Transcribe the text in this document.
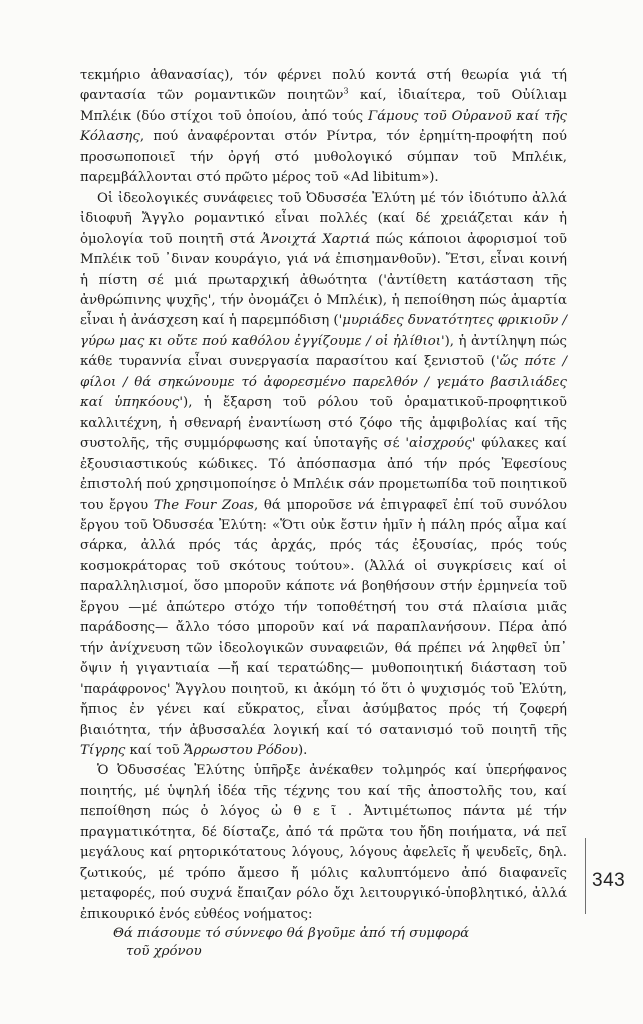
τεκμήριο ἀθανασίας), τόν φέρνει πολύ κοντά στή θεωρία γιά τή φαντασία τῶν ρομαντικῶν ποιητῶν$^3$ καί, ἰδιαίτερα, τοῦ Οὐίλιαμ Μπλέικ (δύο στίχοι τοῦ ὁποίου, ἀπό τούς Γάμους τοῦ Οὐρανοῦ καί τῆς Κόλασης, πού ἀναφέρονται στόν Ρίντρα, τόν ἐρημίτη-προφήτη πού προσωποποιεῖ τήν ὀργή στό μυθολογικό σύμπαν τοῦ Μπλέικ, παρεμβάλλονται στό πρῶτο μέρος τοῦ «Ad libitum»).

Οἱ ἰδεολογικές συνάφειες τοῦ Ὀδυσσέα Ἐλύτη μέ τόν ἰδιότυπο ἀλλά ἰδιοφυῆ Ἄγγλο ρομαντικό εἶναι πολλές (καί δέ χρειάζεται κάν ἡ ὁμολογία τοῦ ποιητῆ στά Ἀνοιχτά Χαρτιά πώς κάποιοι ἀφορισμοί τοῦ Μπλέικ τοῦ ᾽διναν κουράγιο, γιά νά ἐπισημανθοῦν). Ἔτσι, εἶναι κοινή ἡ πίστη σέ μιά πρωταρχική ἀθωότητα ('ἀντίθετη κατάσταση τῆς ἀνθρώπινης ψυχῆς', τήν ὀνομάζει ὁ Μπλέικ), ἡ πεποίθηση πώς ἁμαρτία εἶναι ἡ ἀνάσχεση καί ἡ παρεμπόδιση ('μυριάδες δυνατότητες φρικιοῦν / γύρω μας κι οὔτε πού καθόλου ἐγγίζουμε / οἱ ἠλίθιοι'), ἡ ἀντίληψη πώς κάθε τυραννία εἶναι συνεργασία παρασίτου καί ξενιστοῦ ('ὥς πότε / φίλοι / θά σηκώνουμε τό ἀφορεσμένο παρελθόν / γεμάτο βασιλιάδες καί ὑπηκόους'), ἡ ἔξαρση τοῦ ρόλου τοῦ ὁραματικοῦ-προφητικοῦ καλλιτέχνη, ἡ σθεναρή ἐναντίωση στό ζόφο τῆς ἀμφιβολίας καί τῆς συστολῆς, τῆς συμμόρφωσης καί ὑποταγῆς σέ 'αἰσχρούς' φύλακες καί ἐξουσιαστικούς κώδικες. Τό ἀπόσπασμα ἀπό τήν πρός Ἐφεσίους ἐπιστολή πού χρησιμοποίησε ὁ Μπλέικ σάν προμετωπίδα τοῦ ποιητικοῦ του ἔργου The Four Zoas, θά μποροῦσε νά ἐπιγραφεῖ ἐπί τοῦ συνόλου ἔργου τοῦ Ὀδυσσέα Ἐλύτη: «Ὅτι οὐκ ἔστιν ἡμῖν ἡ πάλη πρός αἷμα καί σάρκα, ἀλλά πρός τάς ἀρχάς, πρός τάς ἐξουσίας, πρός τούς κοσμοκράτορας τοῦ σκότους τούτου». (Ἀλλά οἱ συγκρίσεις καί οἱ παραλληλισμοί, ὅσο μποροῦν κάποτε νά βοηθήσουν στήν ἑρμηνεία τοῦ ἔργου —μέ ἀπώτερο στόχο τήν τοποθέτησή του στά πλαίσια μιᾶς παράδοσης— ἄλλο τόσο μποροῦν καί νά παραπλανήσουν. Πέρα ἀπό τήν ἀνίχνευση τῶν ἰδεολογικῶν συναφειῶν, θά πρέπει νά ληφθεῖ ὑπ᾽ ὄψιν ἡ γιγαντιαία —ἤ καί τερατώδης— μυθοποιητική διάσταση τοῦ 'παράφρονος' Ἄγγλου ποιητοῦ, κι ἀκόμη τό ὅτι ὁ ψυχισμός τοῦ Ἐλύτη, ἤπιος ἐν γένει καί εὔκρατος, εἶναι ἀσύμβατος πρός τή ζοφερή βιαιότητα, τήν ἀβυσσαλέα λογική καί τό σατανισμό τοῦ ποιητῆ τῆς Τίγρης καί τοῦ Ἄρρωστου Ρόδου).

Ὁ Ὀδυσσέας Ἐλύτης ὑπῆρξε ἀνέκαθεν τολμηρός καί ὑπερήφανος ποιητής, μέ ὑψηλή ἰδέα τῆς τέχνης του καί τῆς ἀποστολῆς του, καί πεποίθηση πώς ὁ λόγος ὠ θ ε ῖ . Ἀντιμέτωπος πάντα μέ τήν πραγματικότητα, δέ δίσταζε, ἀπό τά πρῶτα του ἤδη ποιήματα, νά πεῖ μεγάλους καί ρητορικότατους λόγους, λόγους ἀφελεῖς ἤ ψευδεῖς, δηλ. ζωτικούς, μέ τρόπο ἄμεσο ἤ μόλις καλυπτόμενο ἀπό διαφανεῖς μεταφορές, πού συχνά ἔπαιζαν ρόλο ὄχι λειτουργικό-ὑποβλητικό, ἀλλά ἐπικουρικό ἑνός εὐθέος νοήματος:

Θά πιάσουμε τό σύννεφο θά βγοῦμε ἀπό τή συμφορά
τοῦ χρόνου
343
